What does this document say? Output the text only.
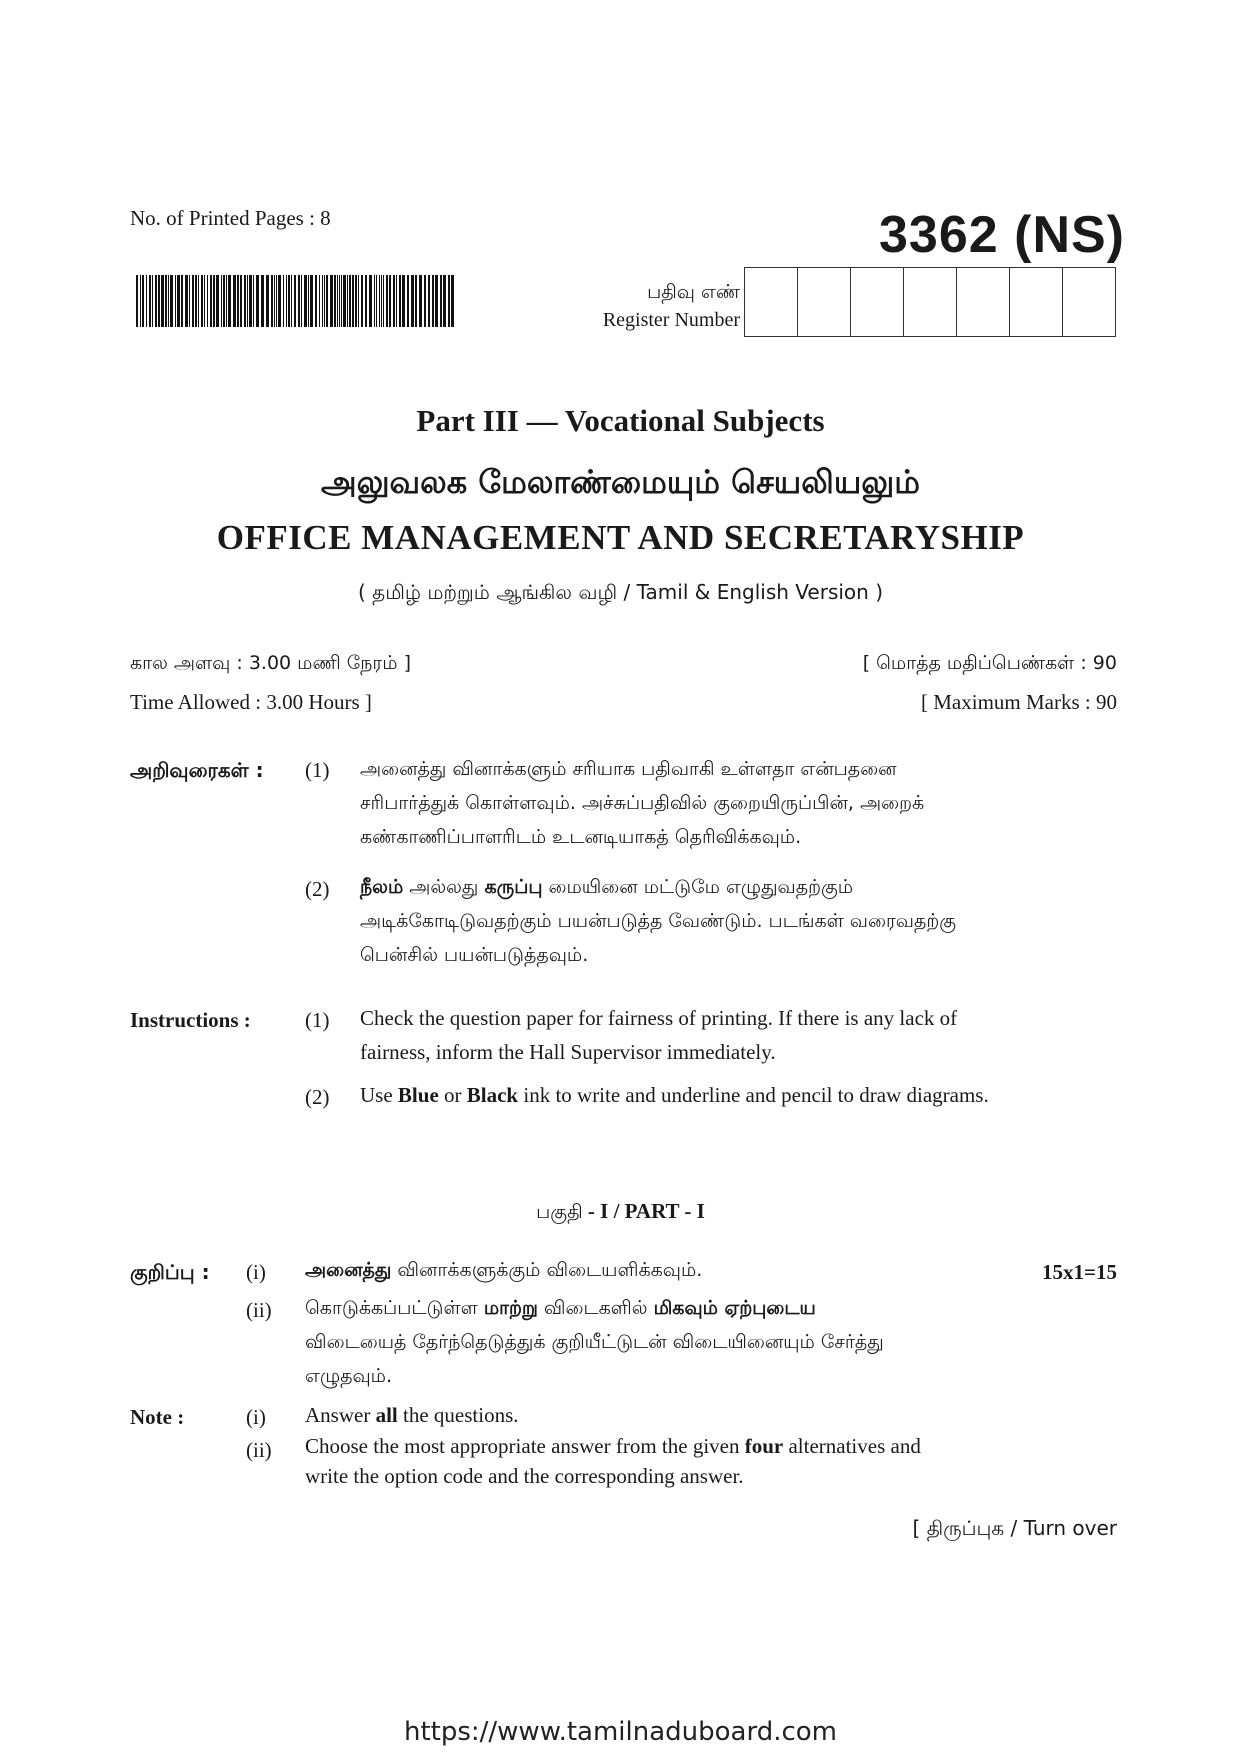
No. of Printed Pages : 8	3362 (NS)
பதிவு எண்
Register Number
Part III — Vocational Subjects
அலுவலக மேலாண்மையும் செயலியலும்
OFFICE MANAGEMENT AND SECRETARYSHIP
( தமிழ் மற்றும் ஆங்கில வழி / Tamil & English Version )
கால அளவு : 3.00 மணி நேரம் ]	[ மொத்த மதிப்பெண்கள் : 90
Time Allowed : 3.00 Hours ]	[ Maximum Marks : 90
அறிவுரைகள் : (1) அனைத்து வினாக்களும் சரியாக பதிவாகி உள்ளதா என்பதனை
சரிபார்த்துக் கொள்ளவும். அச்சுப்பதிவில் குறையிருப்பின், அறைக்
கண்காணிப்பாளரிடம் உடனடியாகத் தெரிவிக்கவும்.
(2) நீலம் அல்லது கருப்பு மையினை மட்டுமே எழுதுவதற்கும்
அடிக்கோடிடுவதற்கும் பயன்படுத்த வேண்டும். படங்கள் வரைவதற்கு
பென்சில் பயன்படுத்தவும்.
Instructions :	(1) Check the question paper for fairness of printing. If there is any lack of
fairness, inform the Hall Supervisor immediately.
(2) Use Blue or Black ink to write and underline and pencil to draw diagrams.
பகுதி - I / PART - I
குறிப்பு : (i) அனைத்து வினாக்களுக்கும் விடையளிக்கவும்.	15x1=15
(ii) கொடுக்கப்பட்டுள்ள மாற்று விடைகளில் மிகவும் ஏற்புடைய
விடையைத் தேர்ந்தெடுத்துக் குறியீட்டுடன் விடையினையும் சேர்த்து
எழுதவும்.
Note :	(i) Answer all the questions.
(ii) Choose the most appropriate answer from the given four alternatives and
write the option code and the corresponding answer.
[ திருப்புக / Turn over
https://www.tamilnaduboard.com
